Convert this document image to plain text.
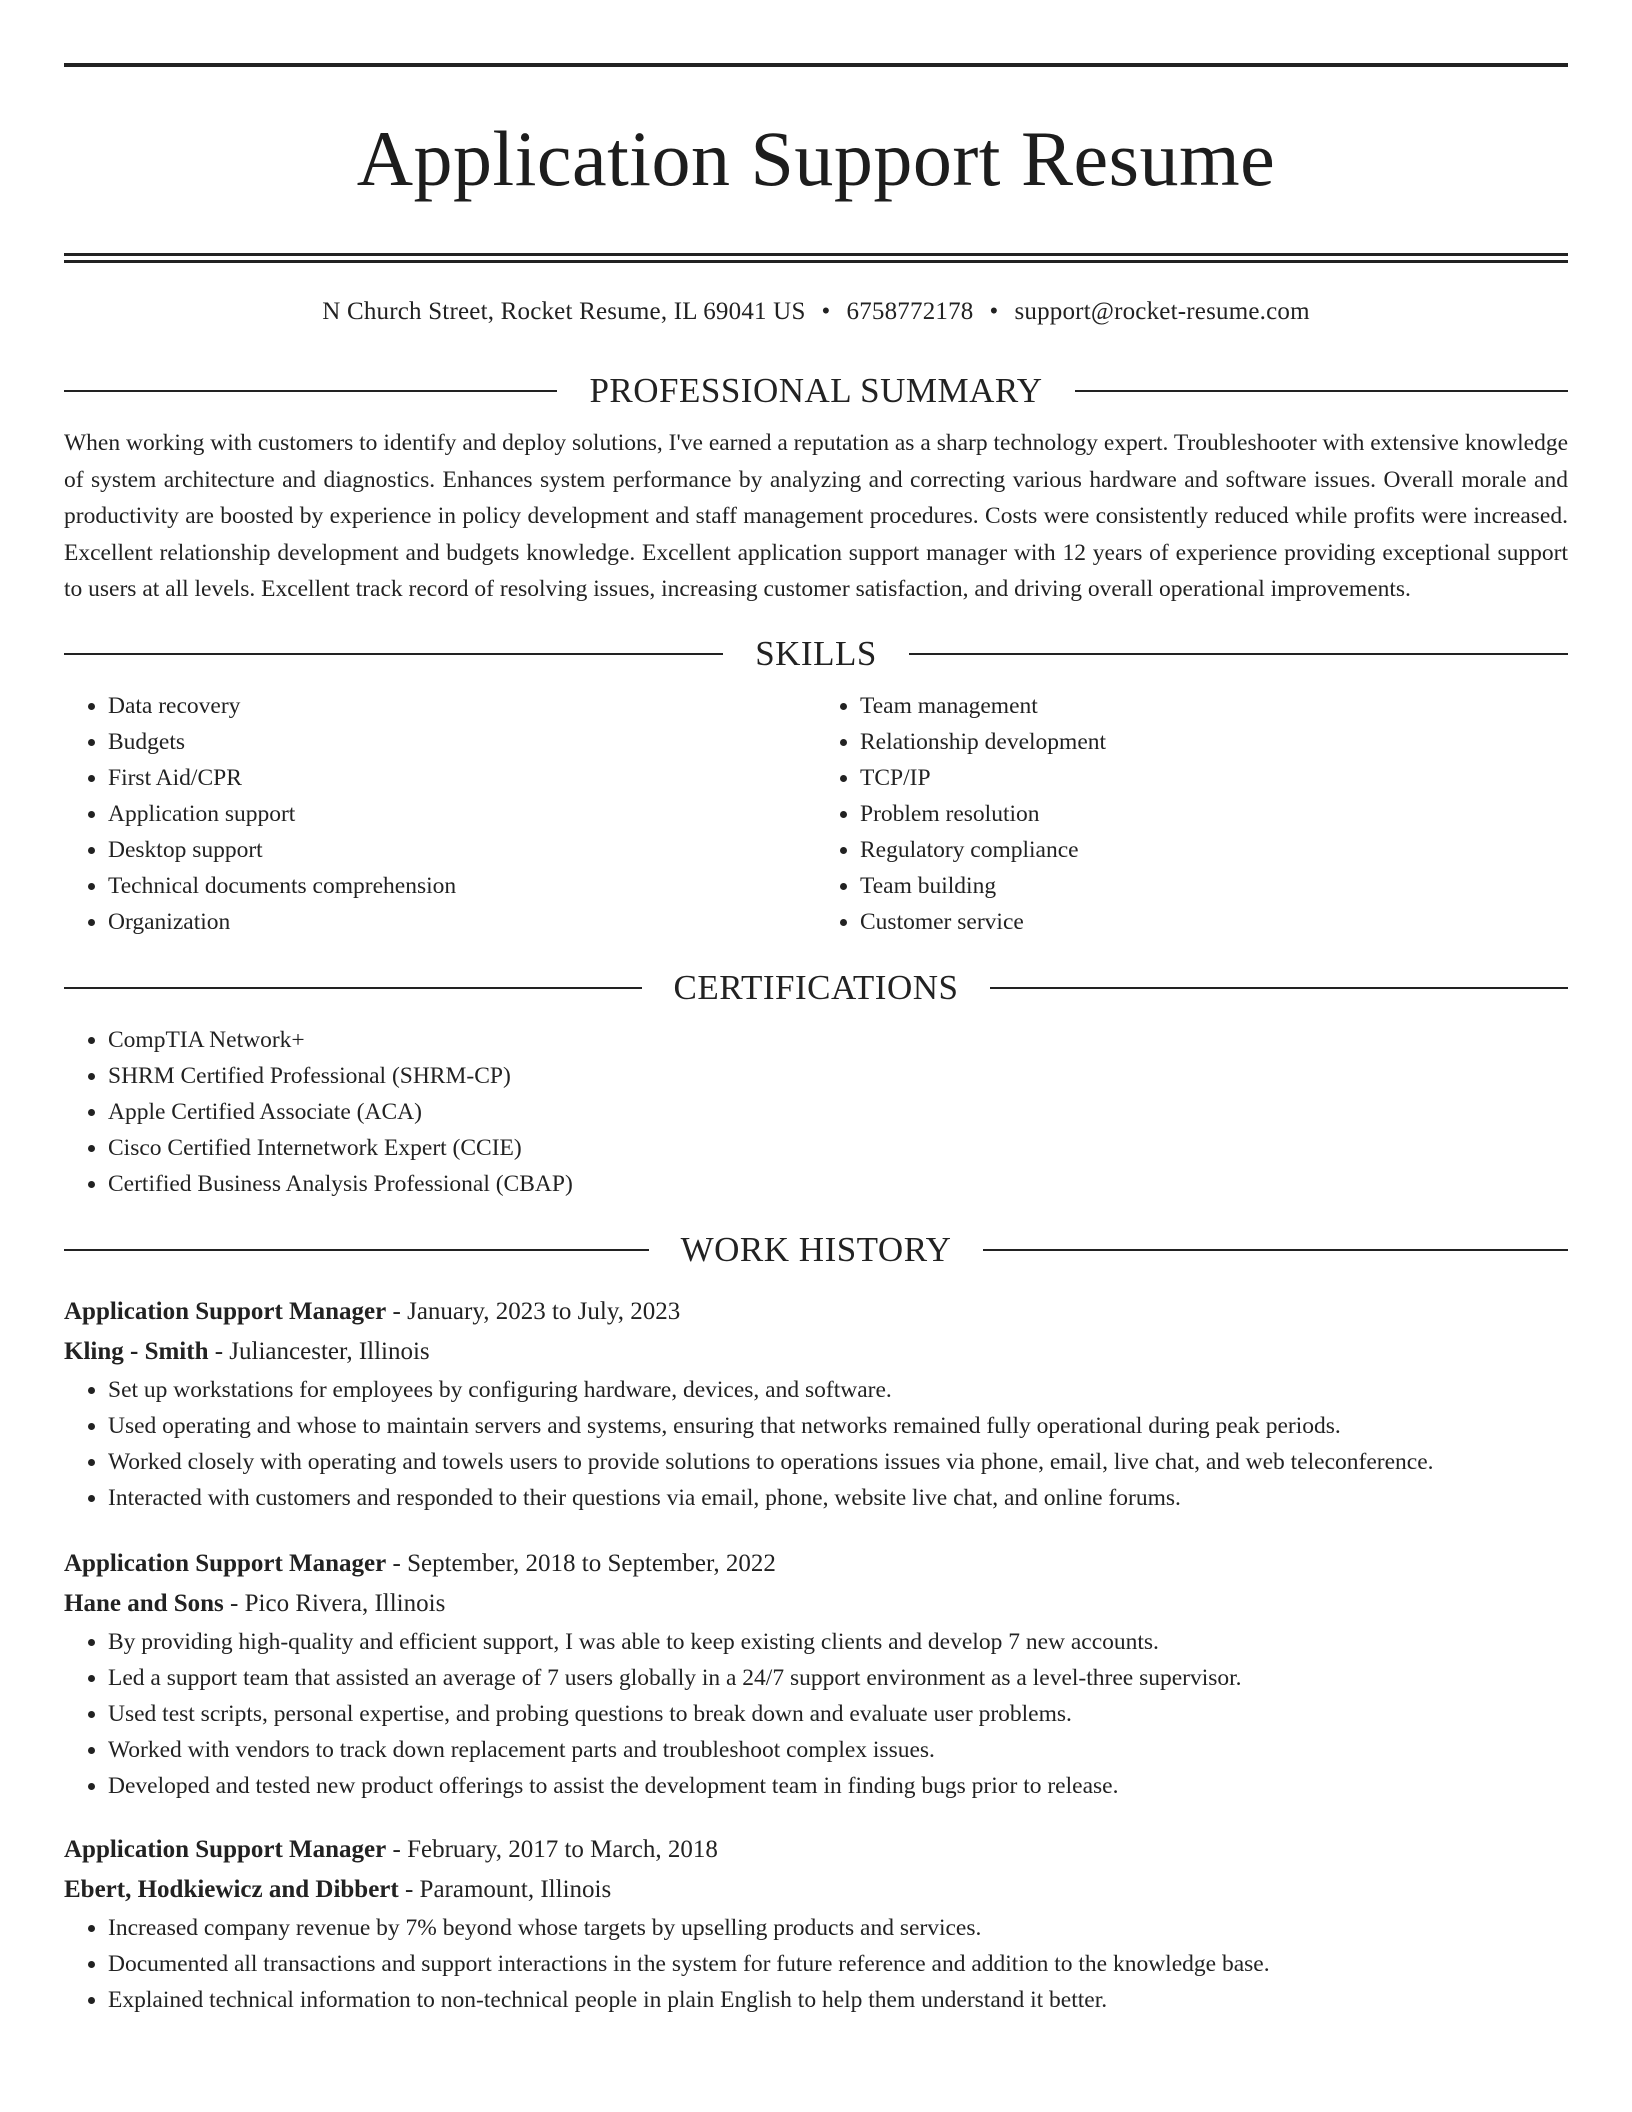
Application Support Resume
N Church Street, Rocket Resume, IL 69041 US • 6758772178 • support@rocket-resume.com
PROFESSIONAL SUMMARY

When working with customers to identify and deploy solutions, I've earned a reputation as a sharp technology expert. Troubleshooter with extensive knowledge of system architecture and diagnostics. Enhances system performance by analyzing and correcting various hardware and software issues. Overall morale and productivity are boosted by experience in policy development and staff management procedures. Costs were consistently reduced while profits were increased. Excellent relationship development and budgets knowledge. Excellent application support manager with 12 years of experience providing exceptional support to users at all levels. Excellent track record of resolving issues, increasing customer satisfaction, and driving overall operational improvements.

SKILLS
• Data recovery
• Budgets
• First Aid/CPR
• Application support
• Desktop support
• Technical documents comprehension
• Organization
• Team management
• Relationship development
• TCP/IP
• Problem resolution
• Regulatory compliance
• Team building
• Customer service
CERTIFICATIONS
• CompTIA Network+
• SHRM Certified Professional (SHRM-CP)
• Apple Certified Associate (ACA)
• Cisco Certified Internetwork Expert (CCIE)
• Certified Business Analysis Professional (CBAP)
WORK HISTORY
Application Support Manager - January, 2023 to July, 2023
Kling - Smith - Juliancester, Illinois
• Set up workstations for employees by configuring hardware, devices, and software.
• Used operating and whose to maintain servers and systems, ensuring that networks remained fully operational during peak periods.
• Worked closely with operating and towels users to provide solutions to operations issues via phone, email, live chat, and web teleconference.
• Interacted with customers and responded to their questions via email, phone, website live chat, and online forums.
Application Support Manager - September, 2018 to September, 2022
Hane and Sons - Pico Rivera, Illinois
• By providing high-quality and efficient support, I was able to keep existing clients and develop 7 new accounts.
• Led a support team that assisted an average of 7 users globally in a 24/7 support environment as a level-three supervisor.
• Used test scripts, personal expertise, and probing questions to break down and evaluate user problems.
• Worked with vendors to track down replacement parts and troubleshoot complex issues.
• Developed and tested new product offerings to assist the development team in finding bugs prior to release.
Application Support Manager - February, 2017 to March, 2018
Ebert, Hodkiewicz and Dibbert - Paramount, Illinois
• Increased company revenue by 7% beyond whose targets by upselling products and services.
• Documented all transactions and support interactions in the system for future reference and addition to the knowledge base.
• Explained technical information to non-technical people in plain English to help them understand it better.
